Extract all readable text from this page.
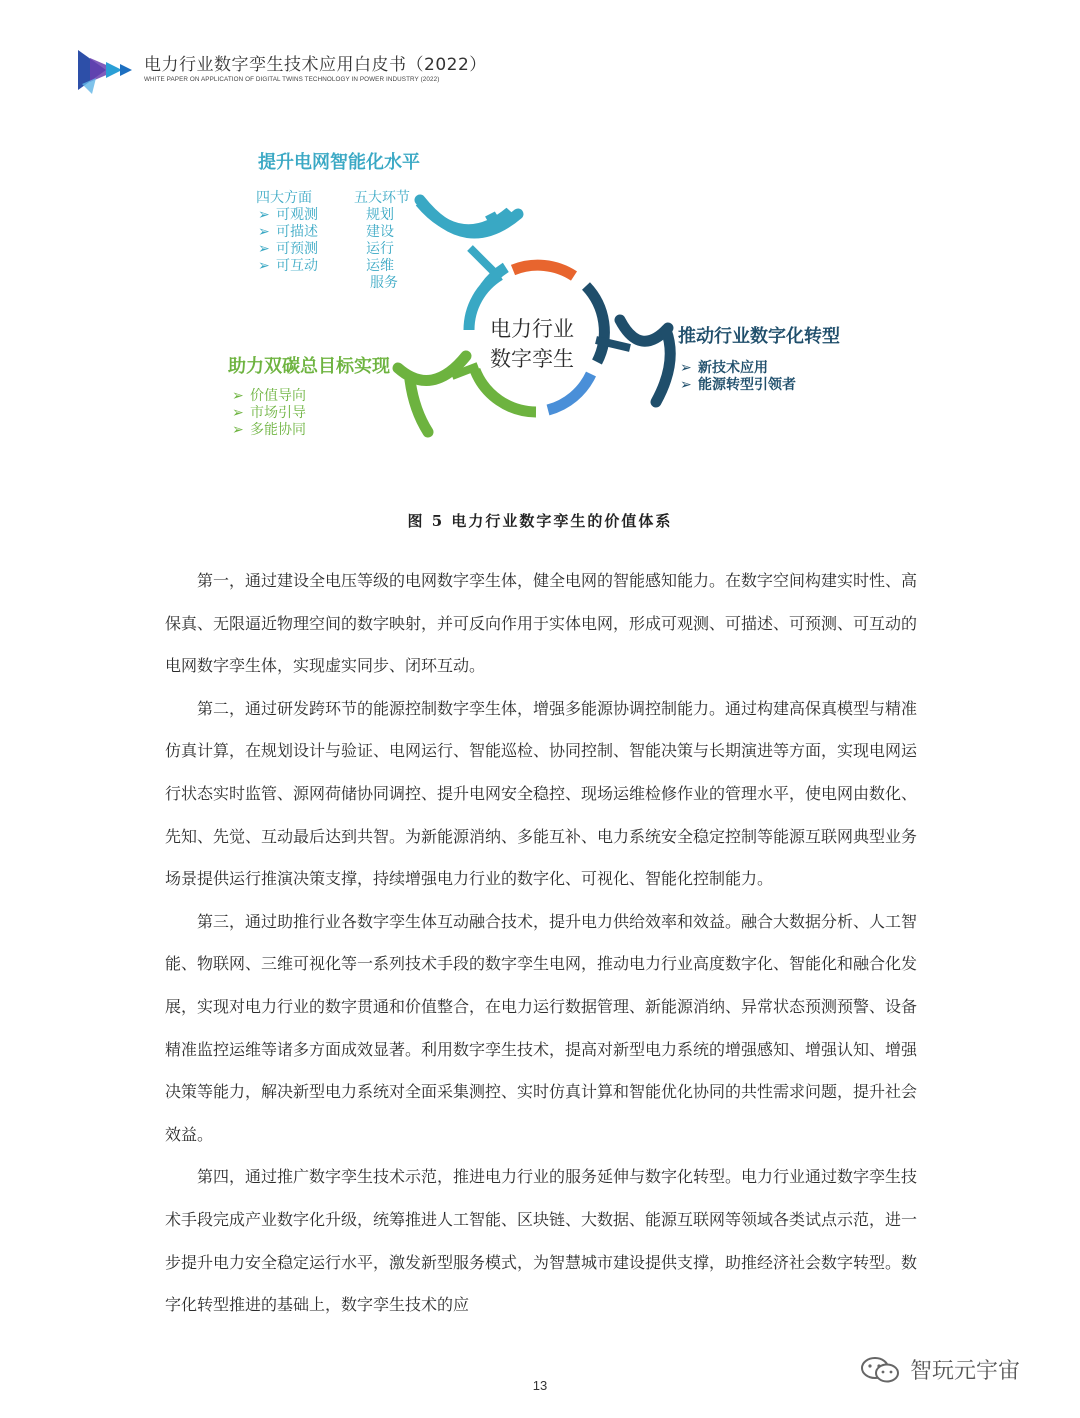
电力行业数字孪生技术应用白皮书（2022）
WHITE PAPER ON APPLICATION OF DIGITAL TWINS TECHNOLOGY IN POWER INDUSTRY (2022)
电力行业
数字孪生
提升电网智能化水平
四大方面	五大环节
➢ 可观测
➢ 可描述
➢ 可预测
➢ 可互动
规划
建设
运行
运维
服务
推动行业数字化转型
➢ 新技术应用
➢ 能源转型引领者
助力双碳总目标实现
➢ 价值导向
➢ 市场引导
➢ 多能协同
图 5 电力行业数字孪生的价值体系

第一，通过建设全电压等级的电网数字孪生体，健全电网的智能感知能力。在数字空间构建实时性、高保真、无限逼近物理空间的数字映射，并可反向作用于实体电网，形成可观测、可描述、可预测、可互动的电网数字孪生体，实现虚实同步、闭环互动。

第二，通过研发跨环节的能源控制数字孪生体，增强多能源协调控制能力。通过构建高保真模型与精准仿真计算，在规划设计与验证、电网运行、智能巡检、协同控制、智能决策与长期演进等方面，实现电网运行状态实时监管、源网荷储协同调控、提升电网安全稳控、现场运维检修作业的管理水平，使电网由数化、先知、先觉、互动最后达到共智。为新能源消纳、多能互补、电力系统安全稳定控制等能源互联网典型业务场景提供运行推演决策支撑，持续增强电力行业的数字化、可视化、智能化控制能力。

第三，通过助推行业各数字孪生体互动融合技术，提升电力供给效率和效益。融合大数据分析、人工智能、物联网、三维可视化等一系列技术手段的数字孪生电网，推动电力行业高度数字化、智能化和融合化发展，实现对电力行业的数字贯通和价值整合，在电力运行数据管理、新能源消纳、异常状态预测预警、设备精准监控运维等诸多方面成效显著。利用数字孪生技术，提高对新型电力系统的增强感知、增强认知、增强决策等能力，解决新型电力系统对全面采集测控、实时仿真计算和智能优化协同的共性需求问题，提升社会效益。

第四，通过推广数字孪生技术示范，推进电力行业的服务延伸与数字化转型。电力行业通过数字孪生技术手段完成产业数字化升级，统筹推进人工智能、区块链、大数据、能源互联网等领域各类试点示范，进一步提升电力安全稳定运行水平，激发新型服务模式，为智慧城市建设提供支撑，助推经济社会数字转型。数字化转型推进的基础上，数字孪生技术的应

13
智玩元宇宙
